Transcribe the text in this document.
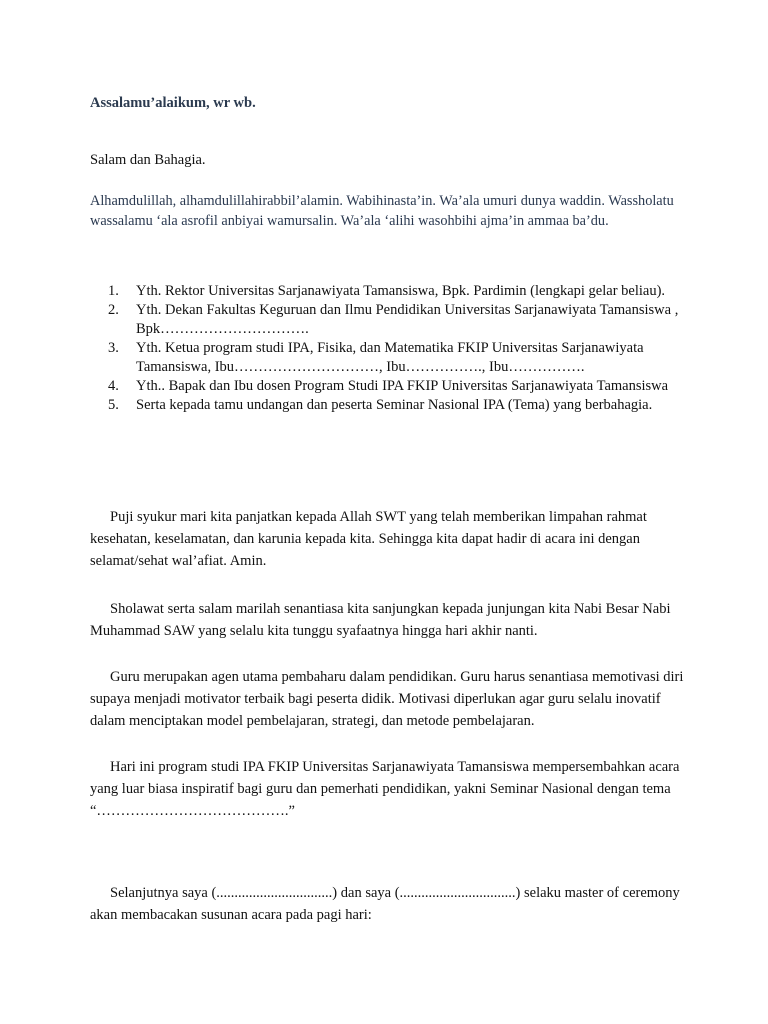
Assalamu’alaikum, wr wb.
Salam dan Bahagia.
Alhamdulillah, alhamdulillahirabbil’alamin. Wabihinasta’in. Wa’ala umuri dunya waddin. Wassholatu wassalamu ‘ala asrofil anbiyai wamursalin. Wa’ala ‘alihi wasohbihi ajma’in ammaa ba’du.
1. Yth. Rektor Universitas Sarjanawiyata Tamansiswa, Bpk. Pardimin (lengkapi gelar beliau).
2. Yth. Dekan Fakultas Keguruan dan Ilmu Pendidikan Universitas Sarjanawiyata Tamansiswa , Bpk………………………….
3. Yth. Ketua program studi IPA, Fisika, dan Matematika FKIP Universitas Sarjanawiyata Tamansiswa, Ibu…………………………, Ibu……………., Ibu…………….
4. Yth.. Bapak dan Ibu dosen Program Studi IPA FKIP Universitas Sarjanawiyata Tamansiswa
5. Serta kepada tamu undangan dan peserta Seminar Nasional IPA (Tema) yang berbahagia.

Puji syukur mari kita panjatkan kepada Allah SWT yang telah memberikan limpahan rahmat kesehatan, keselamatan, dan karunia kepada kita. Sehingga kita dapat hadir di acara ini dengan selamat/sehat wal’afiat. Amin.

Sholawat serta salam marilah senantiasa kita sanjungkan kepada junjungan kita Nabi Besar Nabi Muhammad SAW yang selalu kita tunggu syafaatnya hingga hari akhir nanti.

Guru merupakan agen utama pembaharu dalam pendidikan. Guru harus senantiasa memotivasi diri supaya menjadi motivator terbaik bagi peserta didik. Motivasi diperlukan agar guru selalu inovatif dalam menciptakan model pembelajaran, strategi, dan metode pembelajaran.

Hari ini program studi IPA FKIP Universitas Sarjanawiyata Tamansiswa mempersembahkan acara yang luar biasa inspiratif bagi guru dan pemerhati pendidikan, yakni Seminar Nasional dengan tema “………………………………….”

Selanjutnya saya (................................) dan saya (................................) selaku master of ceremony akan membacakan susunan acara pada pagi hari:
